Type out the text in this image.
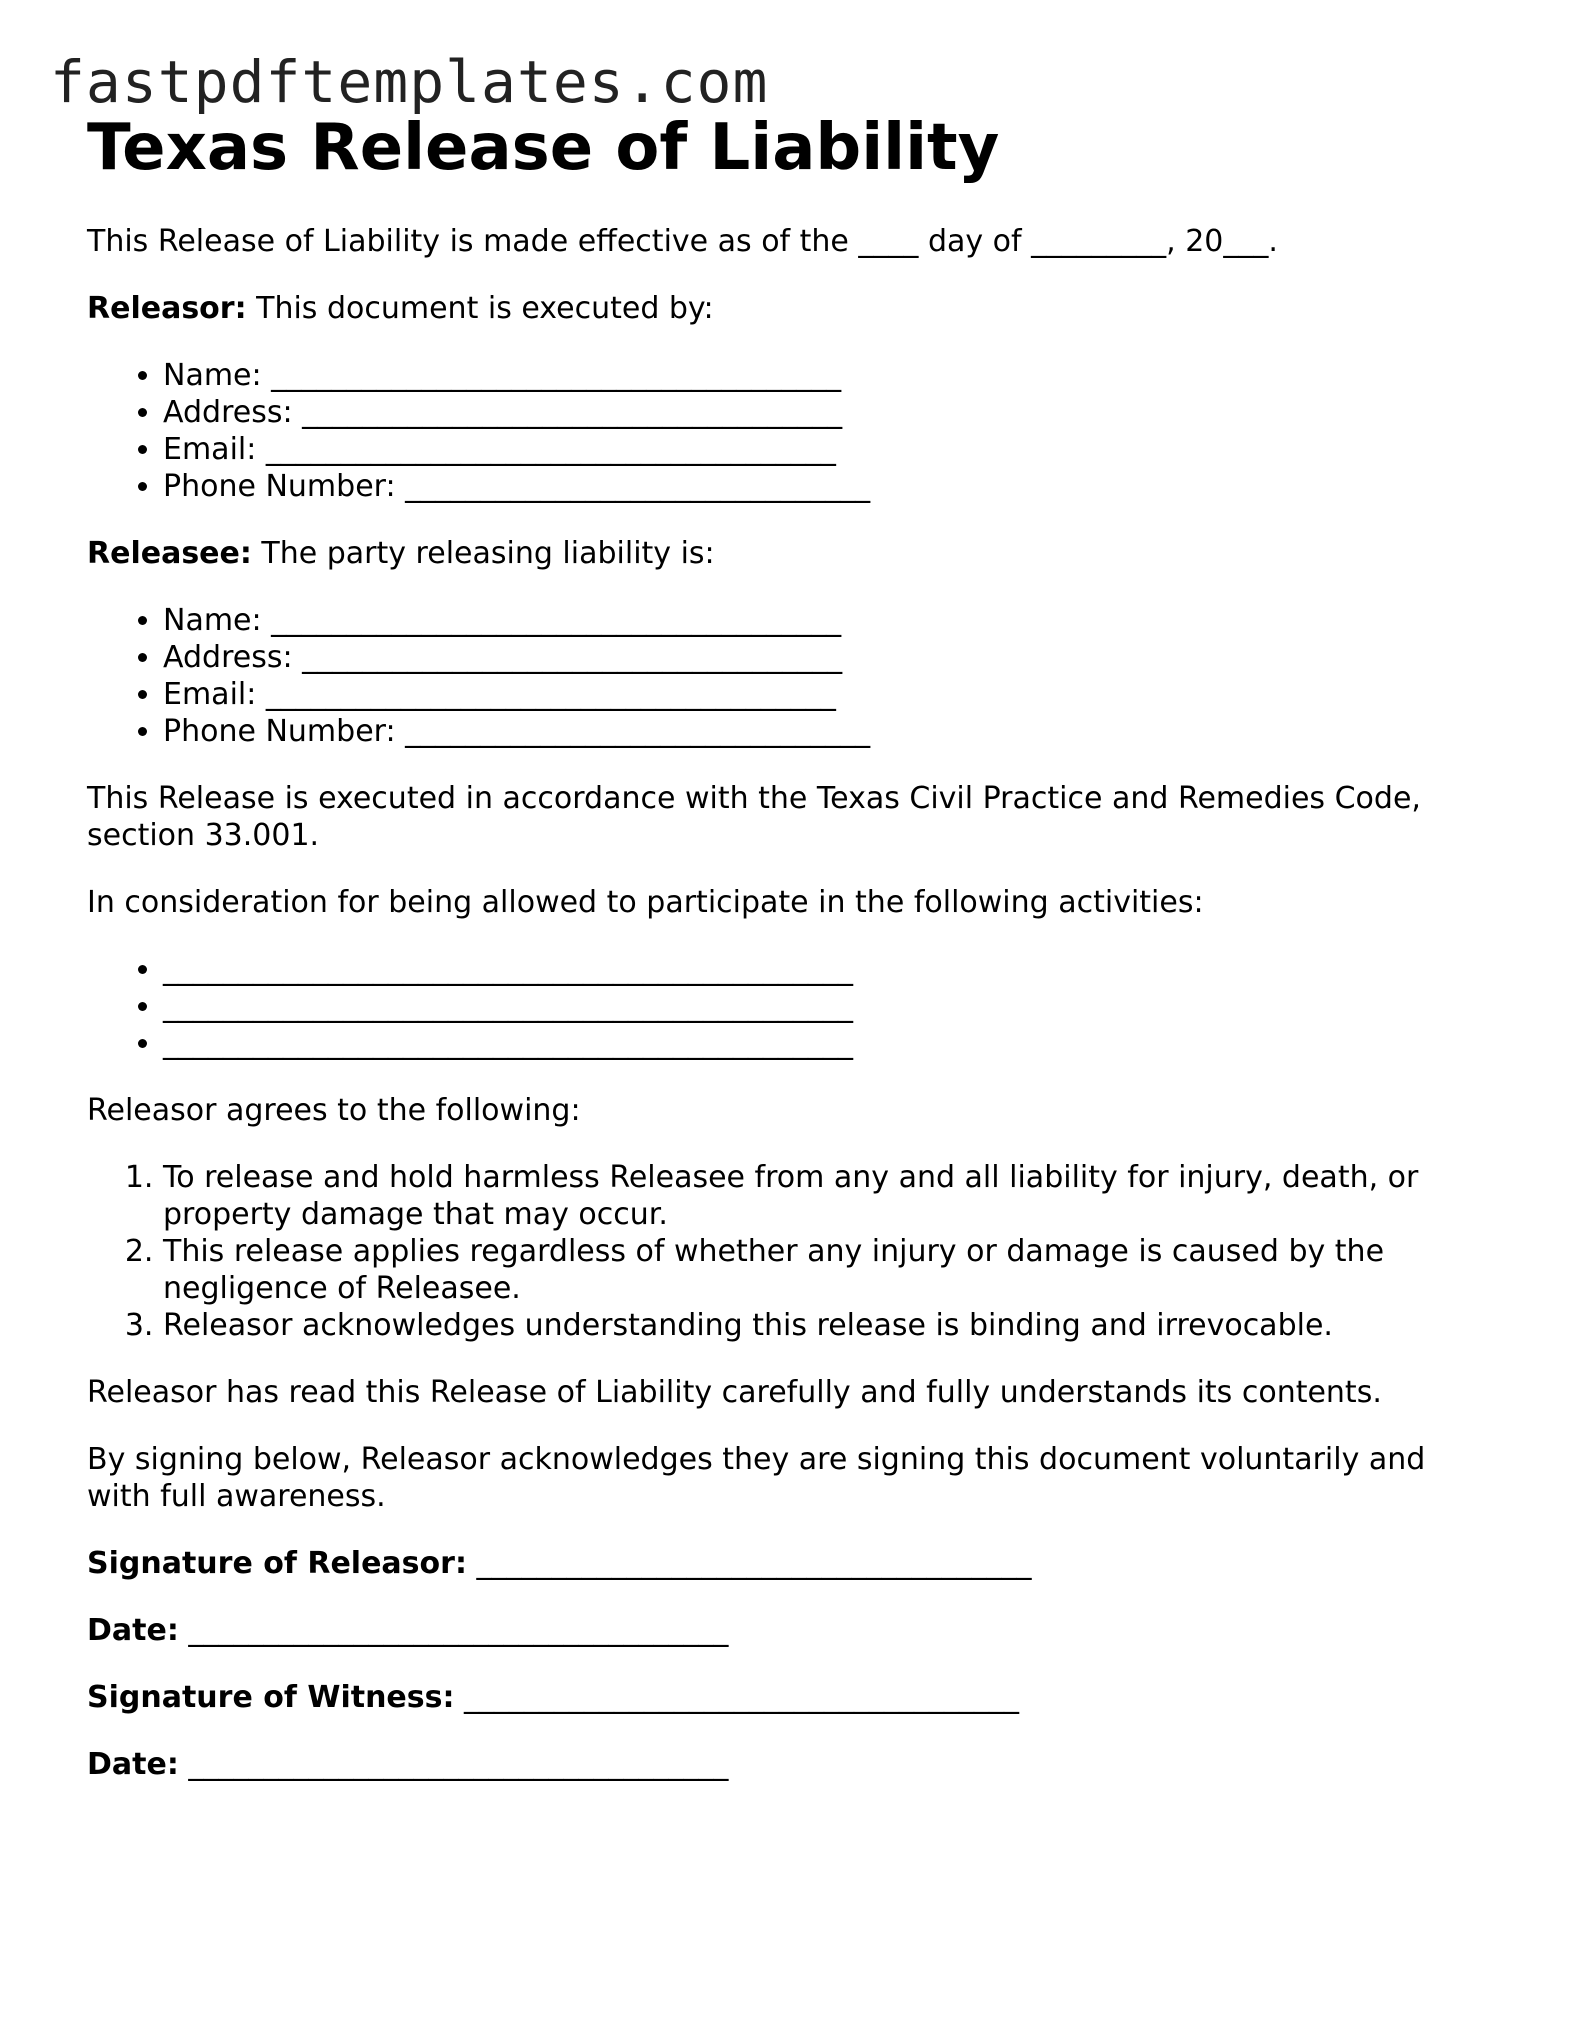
fastpdftemplates.com
Texas Release of Liability

This Release of Liability is made effective as of the ____ day of _________, 20___.

Releasor: This document is executed by:

• Name: ______________________________________
• Address: ____________________________________
• Email: ______________________________________
• Phone Number: _______________________________

Releasee: The party releasing liability is:

• Name: ______________________________________
• Address: ____________________________________
• Email: ______________________________________
• Phone Number: _______________________________

This Release is executed in accordance with the Texas Civil Practice and Remedies Code, section 33.001.

In consideration for being allowed to participate in the following activities:

• ______________________________________________
• ______________________________________________
• ______________________________________________

Releasor agrees to the following:

1. To release and hold harmless Releasee from any and all liability for injury, death, or property damage that may occur.
2. This release applies regardless of whether any injury or damage is caused by the negligence of Releasee.
3. Releasor acknowledges understanding this release is binding and irrevocable.

Releasor has read this Release of Liability carefully and fully understands its contents.

By signing below, Releasor acknowledges they are signing this document voluntarily and with full awareness.

Signature of Releasor: _____________________________________
Date: ____________________________________
Signature of Witness: _____________________________________
Date: ____________________________________
